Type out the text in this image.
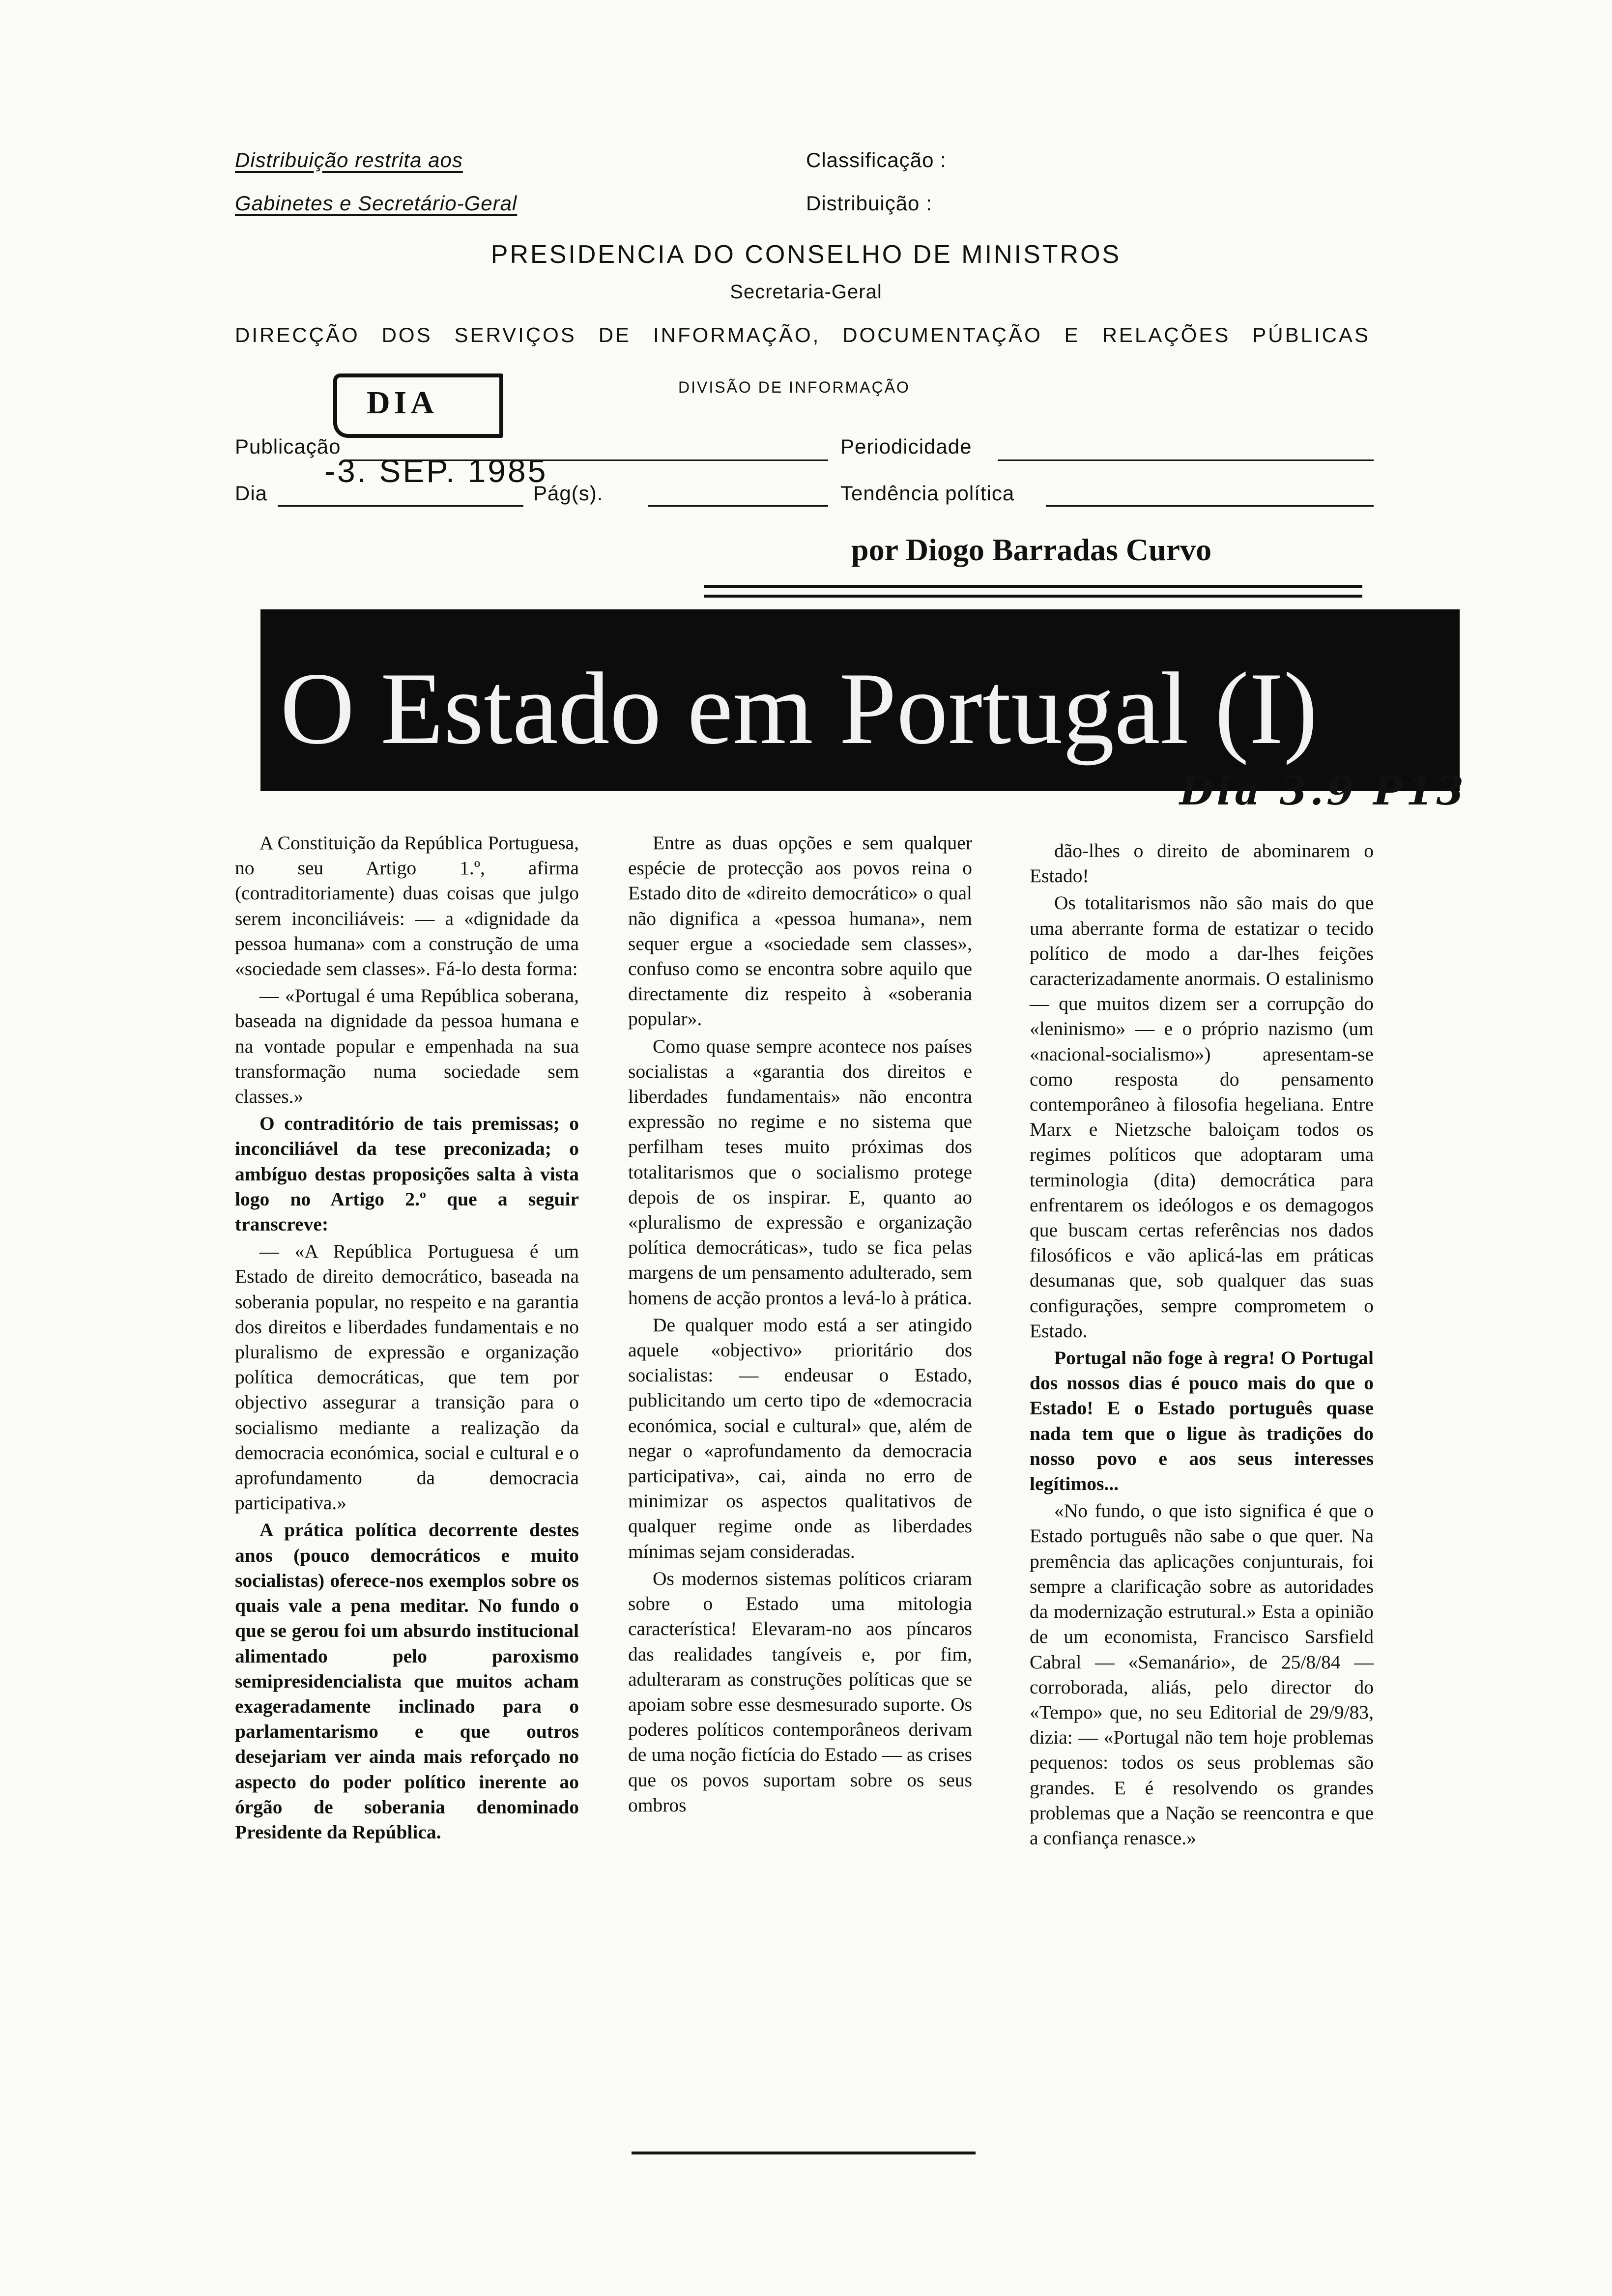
Distribuição restrita aos
Gabinetes e Secretário-Geral
Classificação :
Distribuição :
PRESIDENCIA DO CONSELHO DE MINISTROS
Secretaria-Geral
DIRECÇÃO DOS SERVIÇOS DE INFORMAÇÃO, DOCUMENTAÇÃO E RELAÇÕES PÚBLICAS
DIVISÃO DE INFORMAÇÃO
DIA
Publicação
-3. SEP. 1985
Periodicidade
Dia	Pág(s).	Tendência política
por Diogo Barradas Curvo
O Estado em Portugal (I)
Dia 3.9 P13

A Constituição da República Portuguesa, no seu Artigo 1.º, afirma (contraditoriamente) duas coisas que julgo serem inconciliáveis: — a «dignidade da pessoa humana» com a construção de uma «sociedade sem classes». Fá-lo desta forma:

— «Portugal é uma República soberana, baseada na dignidade da pessoa humana e na vontade popular e empenhada na sua transformação numa sociedade sem classes.»

O contraditório de tais premissas; o inconciliável da tese preconizada; o ambíguo destas proposições salta à vista logo no Artigo 2.º que a seguir transcreve:

— «A República Portuguesa é um Estado de direito democrático, baseada na soberania popular, no respeito e na garantia dos direitos e liberdades fundamentais e no pluralismo de expressão e organização política democráticas, que tem por objectivo assegurar a transição para o socialismo mediante a realização da democracia económica, social e cultural e o aprofundamento da democracia participativa.»

A prática política decorrente destes anos (pouco democráticos e muito socialistas) oferece-nos exemplos sobre os quais vale a pena meditar. No fundo o que se gerou foi um absurdo institucional alimentado pelo paroxismo semipresidencialista que muitos acham exageradamente inclinado para o parlamentarismo e que outros desejariam ver ainda mais reforçado no aspecto do poder político inerente ao órgão de soberania denominado Presidente da República.

Entre as duas opções e sem qualquer espécie de protecção aos povos reina o Estado dito de «direito democrático» o qual não dignifica a «pessoa humana», nem sequer ergue a «sociedade sem classes», confuso como se encontra sobre aquilo que directamente diz respeito à «soberania popular».

Como quase sempre acontece nos países socialistas a «garantia dos direitos e liberdades fundamentais» não encontra expressão no regime e no sistema que perfilham teses muito próximas dos totalitarismos que o socialismo protege depois de os inspirar. E, quanto ao «pluralismo de expressão e organização política democráticas», tudo se fica pelas margens de um pensamento adulterado, sem homens de acção prontos a levá-lo à prática.

De qualquer modo está a ser atingido aquele «objectivo» prioritário dos socialistas: — endeusar o Estado, publicitando um certo tipo de «democracia económica, social e cultural» que, além de negar o «aprofundamento da democracia participativa», cai, ainda no erro de minimizar os aspectos qualitativos de qualquer regime onde as liberdades mínimas sejam consideradas.

Os modernos sistemas políticos criaram sobre o Estado uma mitologia característica! Elevaram-no aos píncaros das realidades tangíveis e, por fim, adulteraram as construções políticas que se apoiam sobre esse desmesurado suporte. Os poderes políticos contemporâneos derivam de uma noção fictícia do Estado — as crises que os povos suportam sobre os seus ombros

dão-lhes o direito de abominarem o Estado!

Os totalitarismos não são mais do que uma aberrante forma de estatizar o tecido político de modo a dar-lhes feições caracterizadamente anormais. O estalinismo — que muitos dizem ser a corrupção do «leninismo» — e o próprio nazismo (um «nacional-socialismo») apresentam-se como resposta do pensamento contemporâneo à filosofia hegeliana. Entre Marx e Nietzsche baloiçam todos os regimes políticos que adoptaram uma terminologia (dita) democrática para enfrentarem os ideólogos e os demagogos que buscam certas referências nos dados filosóficos e vão aplicá-las em práticas desumanas que, sob qualquer das suas configurações, sempre comprometem o Estado.

Portugal não foge à regra! O Portugal dos nossos dias é pouco mais do que o Estado! E o Estado português quase nada tem que o ligue às tradições do nosso povo e aos seus interesses legítimos...

«No fundo, o que isto significa é que o Estado português não sabe o que quer. Na premência das aplicações conjunturais, foi sempre a clarificação sobre as autoridades da modernização estrutural.» Esta a opinião de um economista, Francisco Sarsfield Cabral — «Semanário», de 25/8/84 — corroborada, aliás, pelo director do «Tempo» que, no seu Editorial de 29/9/83, dizia: — «Portugal não tem hoje problemas pequenos: todos os seus problemas são grandes. E é resolvendo os grandes problemas que a Nação se reencontra e que a confiança renasce.»
